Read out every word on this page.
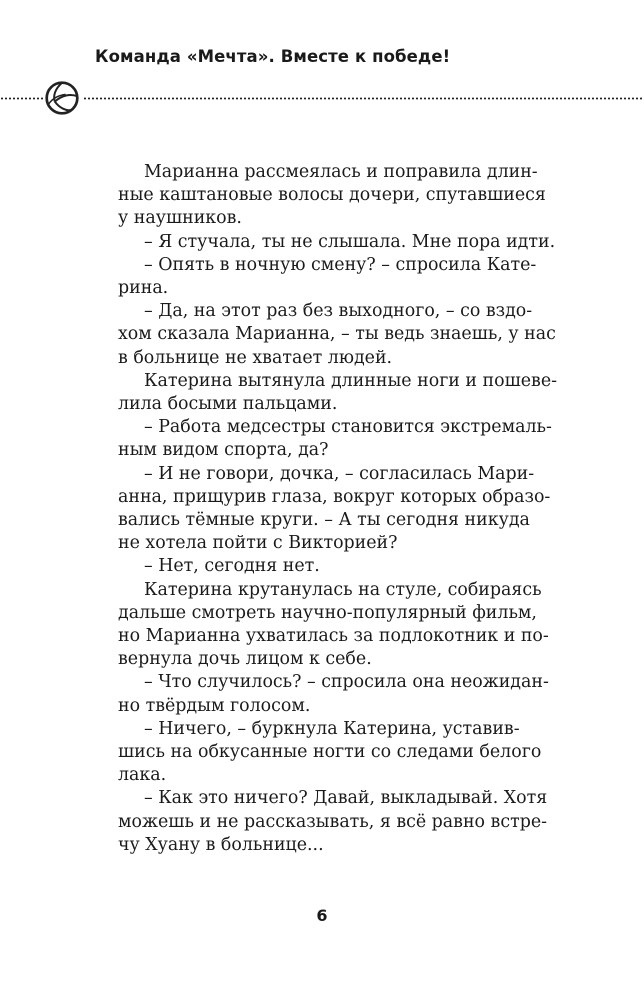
Команда «Мечта». Вместе к победе!

Марианна рассмеялась и поправила длин-
ные каштановые волосы дочери, спутавшиеся
у наушников.

– Я стучала, ты не слышала. Мне пора идти.

– Опять в ночную смену? – спросила Кате-
рина.

– Да, на этот раз без выходного, – со вздо-
хом сказала Марианна, – ты ведь знаешь, у нас
в больнице не хватает людей.

Катерина вытянула длинные ноги и пошеве-
лила босыми пальцами.

– Работа медсестры становится экстремаль-
ным видом спорта, да?

– И не говори, дочка, – согласилась Мари-
анна, прищурив глаза, вокруг которых образо-
вались тёмные круги. – А ты сегодня никуда
не хотела пойти с Викторией?

– Нет, сегодня нет.

Катерина крутанулась на стуле, собираясь
дальше смотреть научно-популярный фильм,
но Марианна ухватилась за подлокотник и по-
вернула дочь лицом к себе.

– Что случилось? – спросила она неожидан-
но твёрдым голосом.

– Ничего, – буркнула Катерина, уставив-
шись на обкусанные ногти со следами белого
лака.

– Как это ничего? Давай, выкладывай. Хотя
можешь и не рассказывать, я всё равно встре-
чу Хуану в больнице...

6
